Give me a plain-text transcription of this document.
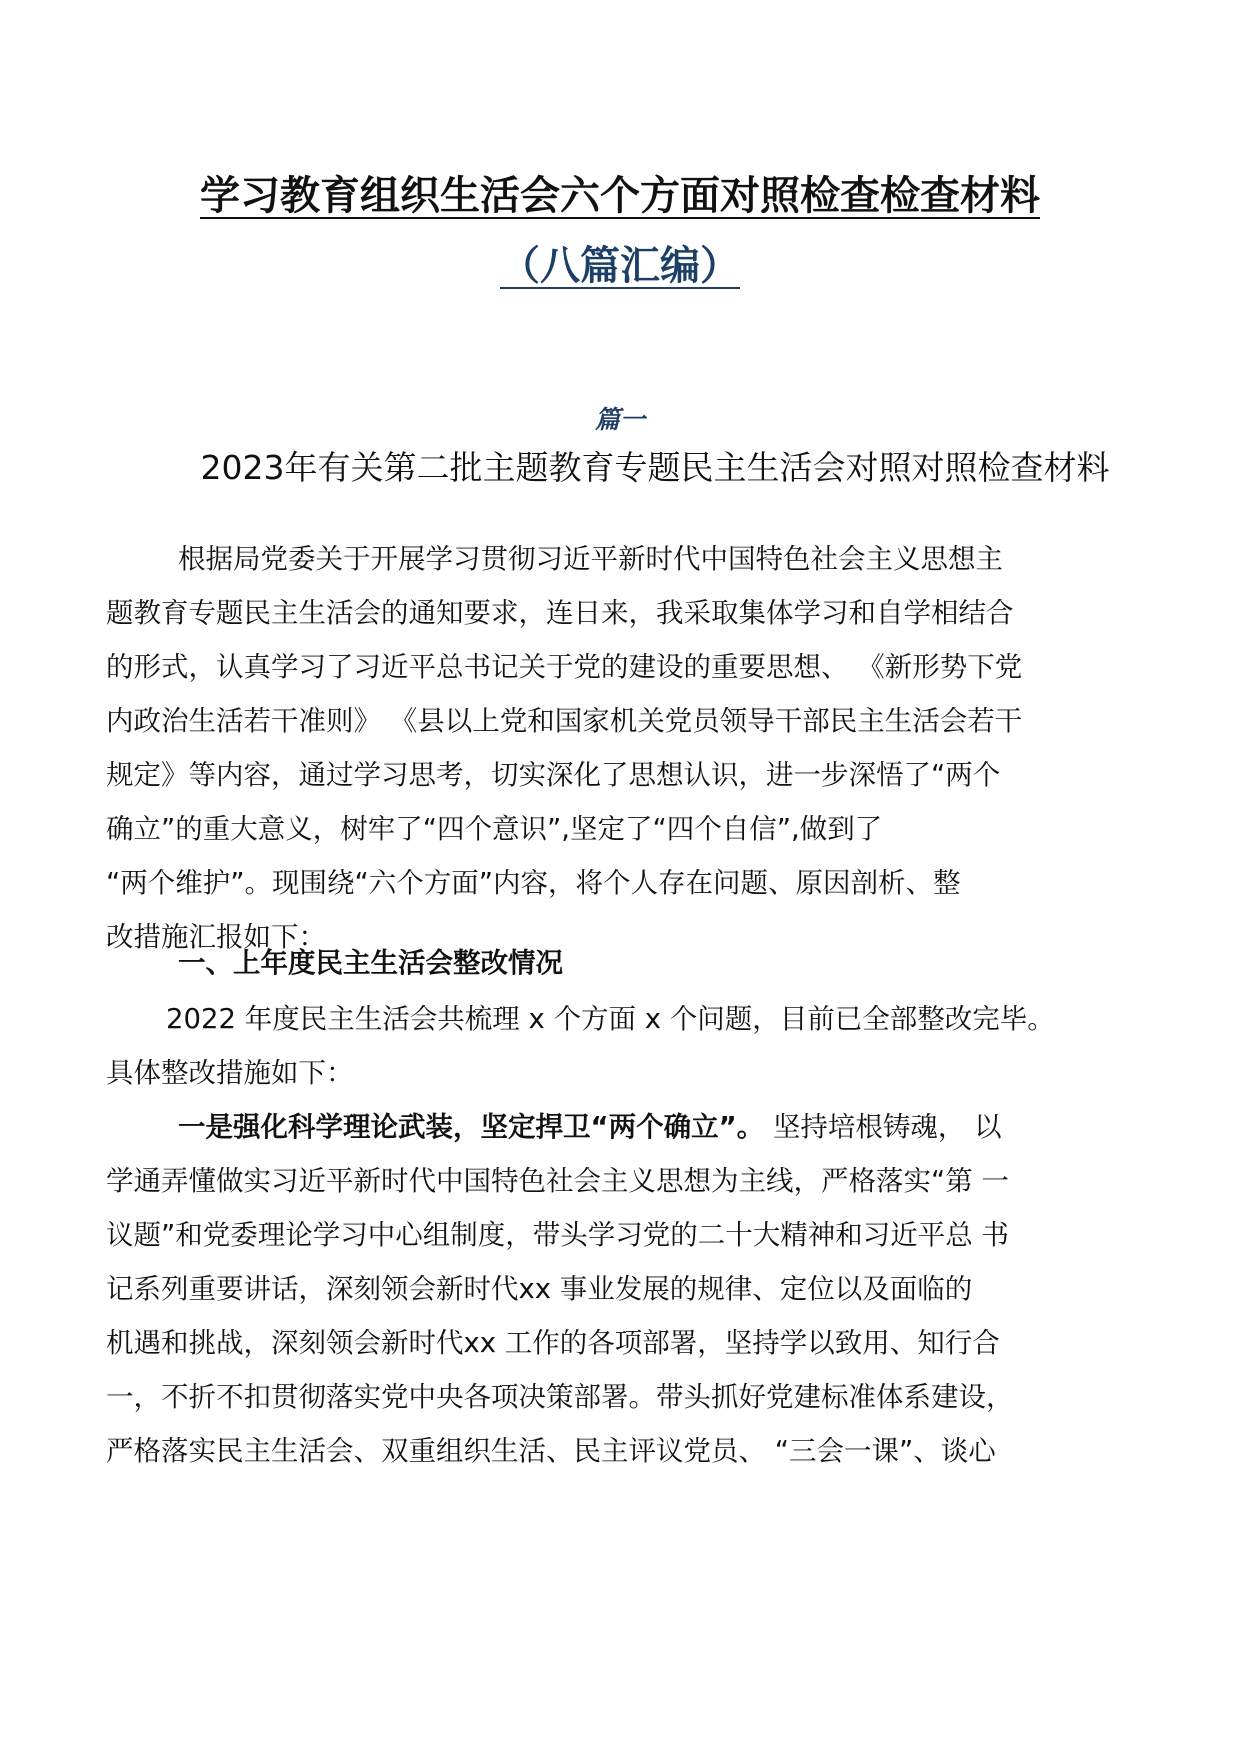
学习教育组织生活会六个方面对照检查检查材料
（八篇汇编）
篇一
2023年有关第二批主题教育专题民主生活会对照对照检查材料
根据局党委关于开展学习贯彻习近平新时代中国特色社会主义思想主
题教育专题民主生活会的通知要求，连日来，我采取集体学习和自学相结合
的形式，认真学习了习近平总书记关于党的建设的重要思想、 《新形势下党
内政治生活若干准则》 《县以上党和国家机关党员领导干部民主生活会若干
规定》等内容，通过学习思考，切实深化了思想认识，进一步深悟了“两个
确立”的重大意义，树牢了“四个意识”,坚定了“四个自信”,做到了
“两个维护”。现围绕“六个方面”内容，将个人存在问题、原因剖析、整
改措施汇报如下：
一、上年度民主生活会整改情况
2022 年度民主生活会共梳理 x 个方面 x 个问题，目前已全部整改完毕。
具体整改措施如下：
一是强化科学理论武装，坚定捍卫“两个确立”。 坚持培根铸魂， 以
学通弄懂做实习近平新时代中国特色社会主义思想为主线，严格落实“第 一
议题”和党委理论学习中心组制度，带头学习党的二十大精神和习近平总 书
记系列重要讲话，深刻领会新时代xx 事业发展的规律、定位以及面临的
机遇和挑战，深刻领会新时代xx 工作的各项部署，坚持学以致用、知行合
一，不折不扣贯彻落实党中央各项决策部署。带头抓好党建标准体系建设，
严格落实民主生活会、双重组织生活、民主评议党员、 “三会一课”、谈心
